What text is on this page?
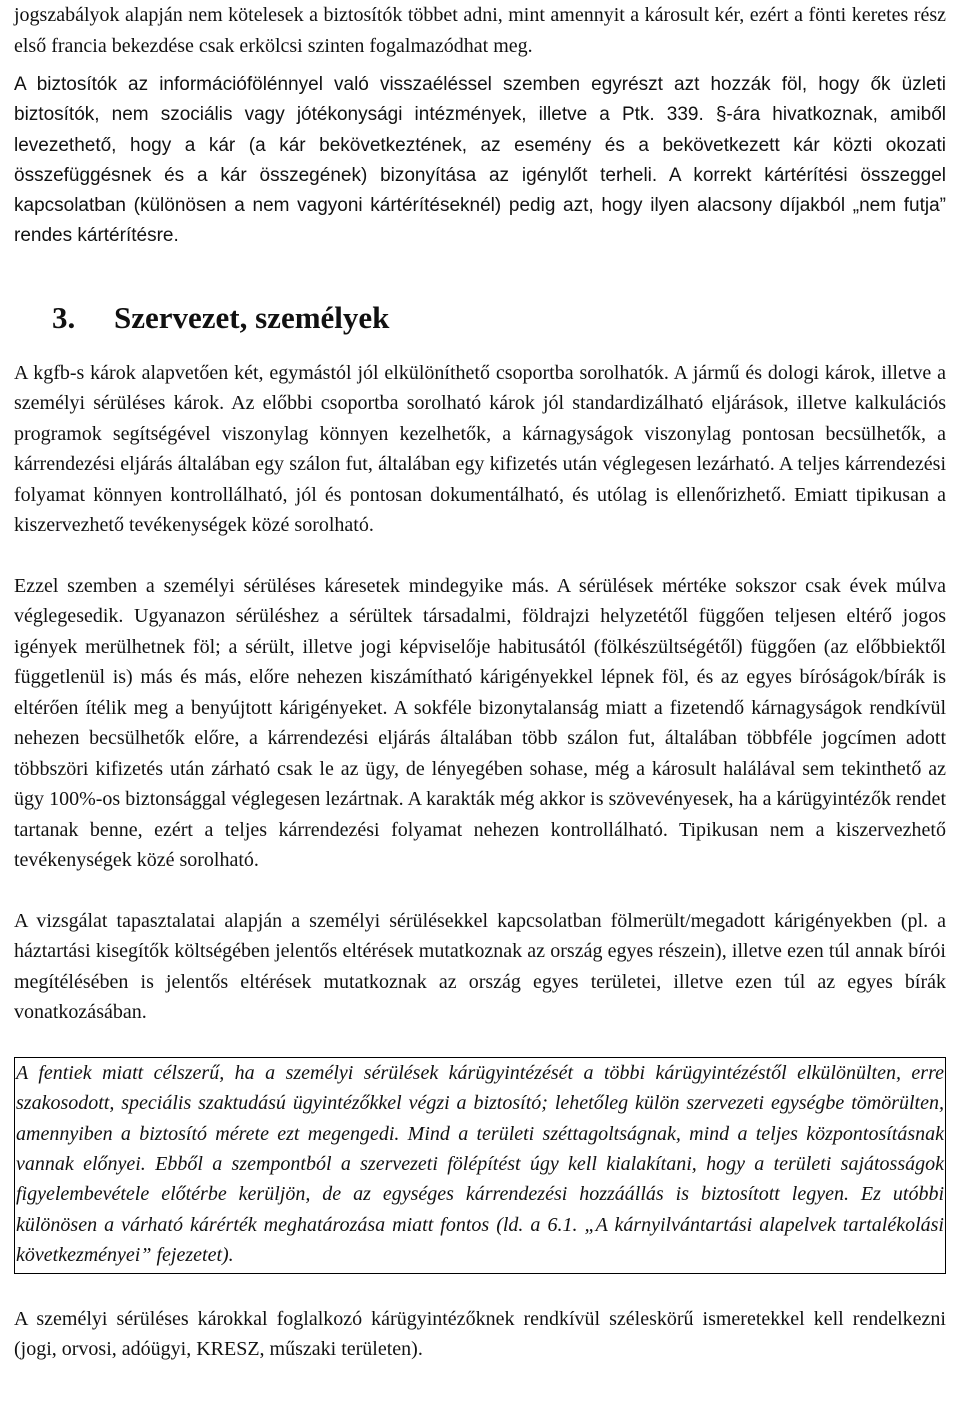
jogszabályok alapján nem kötelesek a biztosítók többet adni, mint amennyit a károsult kér, ezért a fönti keretes rész első francia bekezdése csak erkölcsi szinten fogalmazódhat meg.

A biztosítók az információfölénnyel való visszaéléssel szemben egyrészt azt hozzák föl, hogy ők üzleti biztosítók, nem szociális vagy jótékonysági intézmények, illetve a Ptk. 339. §-ára hivatkoznak, amiből levezethető, hogy a kár (a kár bekövetkeztének, az esemény és a bekövetkezett kár közti okozati összefüggésnek és a kár összegének) bizonyítása az igénylőt terheli. A korrekt kártérítési összeggel kapcsolatban (különösen a nem vagyoni kártérítéseknél) pedig azt, hogy ilyen alacsony díjakból „nem futja” rendes kártérítésre.

3. Szervezet, személyek

A kgfb-s károk alapvetően két, egymástól jól elkülöníthető csoportba sorolhatók. A jármű és dologi károk, illetve a személyi sérüléses károk. Az előbbi csoportba sorolható károk jól standardizálható eljárások, illetve kalkulációs programok segítségével viszonylag könnyen kezelhetők, a kárnagyságok viszonylag pontosan becsülhetők, a kárrendezési eljárás általában egy szálon fut, általában egy kifizetés után véglegesen lezárható. A teljes kárrendezési folyamat könnyen kontrollálható, jól és pontosan dokumentálható, és utólag is ellenőrizhető. Emiatt tipikusan a kiszervezhető tevékenységek közé sorolható.

Ezzel szemben a személyi sérüléses káresetek mindegyike más. A sérülések mértéke sokszor csak évek múlva véglegesedik. Ugyanazon sérüléshez a sérültek társadalmi, földrajzi helyzetétől függően teljesen eltérő jogos igények merülhetnek föl; a sérült, illetve jogi képviselője habitusától (fölkészültségétől) függően (az előbbiektől függetlenül is) más és más, előre nehezen kiszámítható kárigényekkel lépnek föl, és az egyes bíróságok/bírák is eltérően ítélik meg a benyújtott kárigényeket. A sokféle bizonytalanság miatt a fizetendő kárnagyságok rendkívül nehezen becsülhetők előre, a kárrendezési eljárás általában több szálon fut, általában többféle jogcímen adott többszöri kifizetés után zárható csak le az ügy, de lényegében sohase, még a károsult halálával sem tekinthető az ügy 100%-os biztonsággal véglegesen lezártnak. A karakták még akkor is szövevényesek, ha a kárügyintézők rendet tartanak benne, ezért a teljes kárrendezési folyamat nehezen kontrollálható. Tipikusan nem a kiszervezhető tevékenységek közé sorolható.

A vizsgálat tapasztalatai alapján a személyi sérülésekkel kapcsolatban fölmerült/megadott kárigényekben (pl. a háztartási kisegítők költségében jelentős eltérések mutatkoznak az ország egyes részein), illetve ezen túl annak bírói megítélésében is jelentős eltérések mutatkoznak az ország egyes területei, illetve ezen túl az egyes bírák vonatkozásában.

A fentiek miatt célszerű, ha a személyi sérülések kárügyintézését a többi kárügyintézéstől elkülönülten, erre szakosodott, speciális szaktudású ügyintézőkkel végzi a biztosító; lehetőleg külön szervezeti egységbe tömörülten, amennyiben a biztosító mérete ezt megengedi. Mind a területi széttagoltságnak, mind a teljes központosításnak vannak előnyei. Ebből a szempontból a szervezeti fölépítést úgy kell kialakítani, hogy a területi sajátosságok figyelembevétele előtérbe kerüljön, de az egységes kárrendezési hozzáállás is biztosított legyen. Ez utóbbi különösen a várható kárérték meghatározása miatt fontos (ld. a 6.1. „A kárnyilvántartási alapelvek tartalékolási következményei” fejezetet).

A személyi sérüléses károkkal foglalkozó kárügyintézőknek rendkívül széleskörű ismeretekkel kell rendelkezni (jogi, orvosi, adóügyi, KRESZ, műszaki területen).
